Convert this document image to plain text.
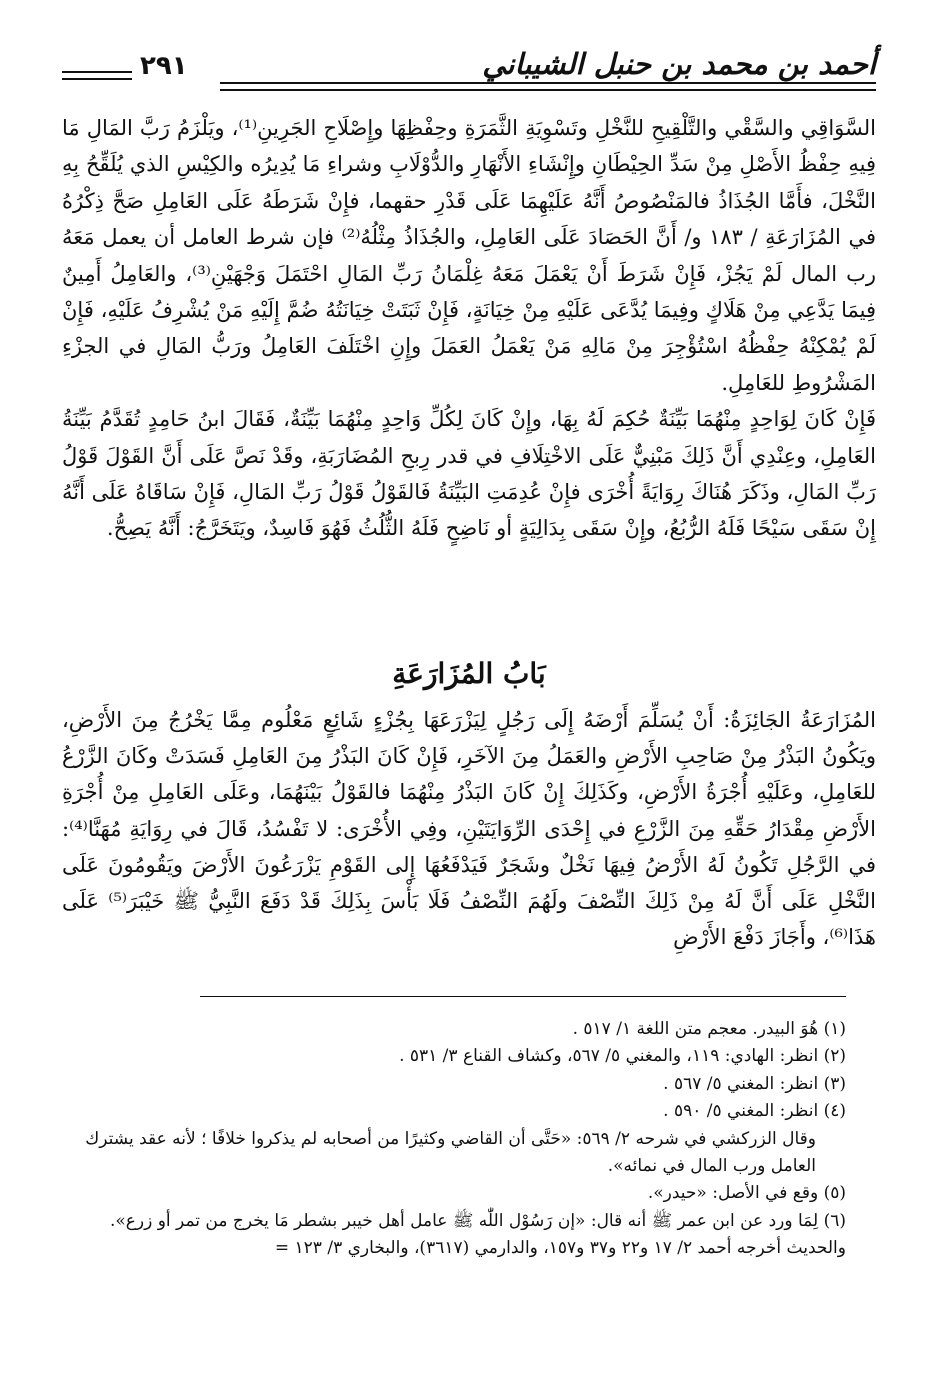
أحمد بن محمد بن حنبل الشيباني
٢٩١

السَّوَاقِي والسَّقْي والتَّلْقِيحِ للنَّخْلِ وتَسْوِيَةِ الثَّمَرَةِ وحِفْظِهَا وإِصْلَاحِ الجَرِينِ⁽¹⁾، ويَلْزَمُ رَبَّ المَالِ مَا فِيهِ حِفْظُ الأَصْلِ مِنْ سَدِّ الحِيْطَانِ وإِنْشَاءِ الأَنْهَارِ والدُّوْلَابِ وشراءِ مَا يُدِيرُه والكِيْسِ الذي يُلَقِّحُ بِهِ النَّخْلَ، فأَمَّا الجُذَاذُ فالمَنْصُوصُ أَنَّهُ عَلَيْهِمَا عَلَى قَدْرِ حقهما، فإِنْ شَرَطَهُ عَلَى العَامِلِ صَحَّ ذِكْرُهُ في المُزَارَعَةِ / ١٨٣ و/ أَنَّ الحَصَادَ عَلَى العَامِلِ، والجُذَاذُ مِثْلُهُ⁽²⁾ فإن شرط العامل أن يعمل مَعَهُ رب المال لَمْ يَجُزْ، فَإِنْ شَرَطَ أَنْ يَعْمَلَ مَعَهُ غِلْمَانُ رَبِّ المَالِ احْتَمَلَ وَجْهَيْنِ⁽³⁾، والعَامِلُ أَمِينٌ فِيمَا يَدَّعِي مِنْ هَلَاكٍ وفِيمَا يُدَّعَى عَلَيْهِ مِنْ خِيَانَةٍ، فَإِنْ ثَبَتَتْ خِيَانَتُهُ ضُمَّ إِلَيْهِ مَنْ يُشْرِفُ عَلَيْهِ، فَإِنْ لَمْ يُمْكِنْهُ حِفْظُهُ اسْتُؤْجِرَ مِنْ مَالِهِ مَنْ يَعْمَلُ العَمَلَ وإِنِ اخْتَلَفَ العَامِلُ ورَبُّ المَالِ في الجزْءِ المَشْرُوطِ للعَامِلِ.

فَإِنْ كَانَ لِوَاحِدٍ مِنْهُمَا بَيِّنَةٌ حُكِمَ لَهُ بِهَا، وإِنْ كَانَ لِكُلِّ وَاحِدٍ مِنْهُمَا بَيِّنَةٌ، فَقَالَ ابنُ حَامِدٍ تُقَدَّمُ بَيِّنَةُ العَامِلِ، وعِنْدِي أَنَّ ذَلِكَ مَبْنِيٌّ عَلَى الاخْتِلَافِ في قدر رِبحِ المُضَارَبَةِ، وقَدْ نَصَّ عَلَى أَنَّ القَوْلَ قَوْلُ رَبِّ المَالِ، وذَكَرَ هُنَاكَ رِوَايَةً أُخْرَى فإِنْ عُدِمَتِ البَيِّنَةُ فَالقَوْلُ قَوْلُ رَبِّ المَالِ، فَإِنْ سَاقَاهُ عَلَى أَنَّهُ إِنْ سَقَى سَيْحًا فَلَهُ الرُّبُعُ، وإِنْ سَقَى بِدَالِيَةٍ أو نَاضِحٍ فَلَهُ الثُّلُثُ فَهُوَ فَاسِدٌ، ويَتَخَرَّجُ: أَنَّهُ يَصِحُّ.

بَابُ المُزَارَعَةِ

المُزَارَعَةُ الجَائِزَةُ: أَنْ يُسَلِّمَ أَرْضَهُ إِلَى رَجُلٍ لِيَزْرَعَهَا بِجُزْءٍ شَائِعٍ مَعْلُوم مِمَّا يَخْرُجُ مِنَ الأَرْضِ، ويَكُونُ البَذْرُ مِنْ صَاحِبِ الأَرْضِ والعَمَلُ مِنَ الآخَرِ، فَإِنْ كَانَ البَذْرُ مِنَ العَامِلِ فَسَدَتْ وكَانَ الزَّرْعُ للعَامِلِ، وعَلَيْهِ أُجْرَةُ الأَرْضِ، وكَذَلِكَ إِنْ كَانَ البَذْرُ مِنْهُمَا فالقَوْلُ بَيْنَهُمَا، وعَلَى العَامِلِ مِنْ أُجْرَةِ الأَرْضِ مِقْدَارُ حَقِّهِ مِنَ الزَّرْعِ في إِحْدَى الرِّوَايَتَيْنِ، وفِي الأُخْرَى: لا تَفْسُدُ، قَالَ في رِوَايَةِ مُهَنَّا⁽⁴⁾: في الرَّجُلِ تَكُونُ لَهُ الأَرْضُ فِيهَا نَخْلٌ وشَجَرٌ فَيَدْفَعُهَا إِلى القَوْمِ يَزْرَعُونَ الأَرْضَ ويَقُومُونَ عَلَى النَّخْلِ عَلَى أَنَّ لَهُ مِنْ ذَلِكَ النِّصْفَ ولَهُمَ النِّصْفُ فَلَا بَأْسَ بِذَلِكَ قَدْ دَفَعَ النَّبِيُّ ﷺ خَيْبَرَ⁽⁵⁾ عَلَى هَذَا⁽⁶⁾، وأَجَازَ دَفْعَ الأَرْضِ

(١) هُوَ البيدر. معجم متن اللغة ١/ ٥١٧ .

(٢) انظر: الهادي: ١١٩، والمغني ٥/ ٥٦٧، وكشاف القناع ٣/ ٥٣١ .

(٣) انظر: المغني ٥/ ٥٦٧ .

(٤) انظر: المغني ٥/ ٥٩٠ .

وقال الزركشي في شرحه ٢/ ٥٦٩: «حَتَّى أن القاضي وكثيرًا من أصحابه لم يذكروا خلافًا ؛ لأنه عقد يشترك العامل ورب المال في نمائه».

(٥) وقع في الأصل: «حيدر».

(٦) لِمَا ورد عن ابن عمر ﷺ أنه قال: «إن رَسُوْل اللّٰه ﷺ عامل أهل خيبر بشطر مَا يخرج من تمر أو زرع».

والحديث أخرجه أحمد ٢/ ١٧ و٢٢ و٣٧ و١٥٧، والدارمي (٣٦١٧)، والبخاري ٣/ ١٢٣ =
